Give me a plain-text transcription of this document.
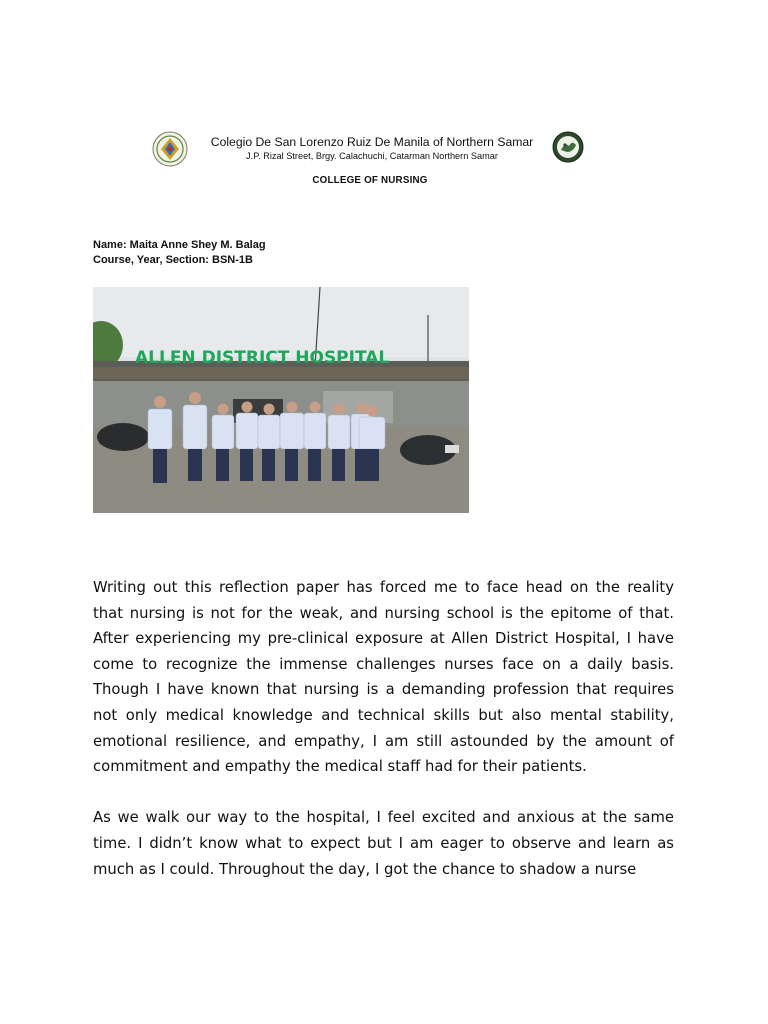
Colegio De San Lorenzo Ruiz De Manila of Northern Samar
J.P. Rizal Street, Brgy. Calachuchi, Catarman Northern Samar
COLLEGE OF NURSING
Name: Maita Anne Shey M. Balag
Course, Year, Section: BSN-1B
ALLEN DISTRICT HOSPITAL

Writing out this reflection paper has forced me to face head on the reality that nursing is not for the weak, and nursing school is the epitome of that. After experiencing my pre-clinical exposure at Allen District Hospital, I have come to recognize the immense challenges nurses face on a daily basis. Though I have known that nursing is a demanding profession that requires not only medical knowledge and technical skills but also mental stability, emotional resilience, and empathy, I am still astounded by the amount of commitment and empathy the medical staff had for their patients.

As we walk our way to the hospital, I feel excited and anxious at the same time. I didn’t know what to expect but I am eager to observe and learn as much as I could. Throughout the day, I got the chance to shadow a nurse
